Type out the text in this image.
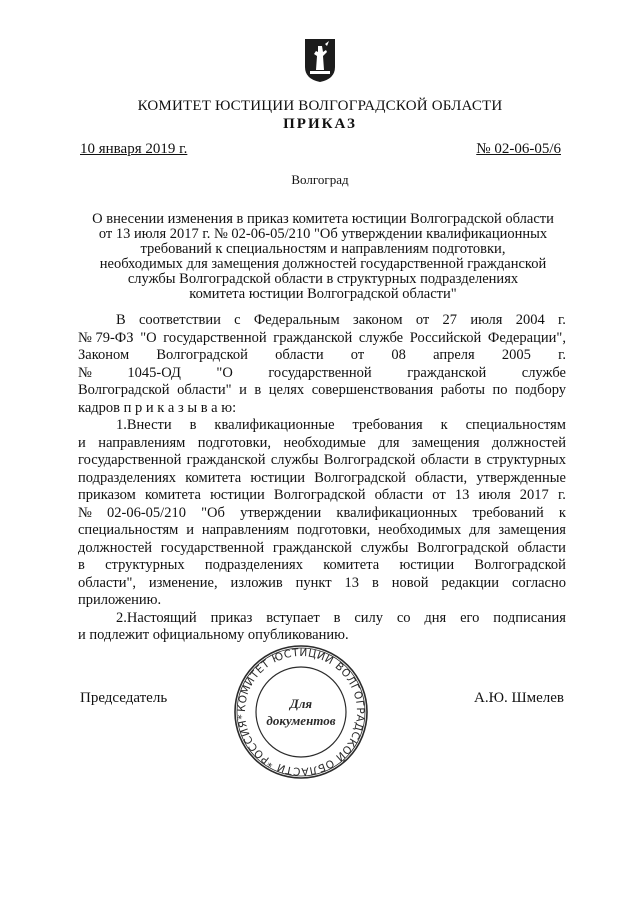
КОМИТЕТ ЮСТИЦИИ ВОЛГОГРАДСКОЙ ОБЛАСТИ
ПРИКАЗ
10 января 2019 г.	№ 02-06-05/6
Волгоград
О внесении изменения в приказ комитета юстиции Волгоградской области
от 13 июля 2017 г. № 02-06-05/210 "Об утверждении квалификационных
требований к специальностям и направлениям подготовки,
необходимых для замещения должностей государственной гражданской
службы Волгоградской области в структурных подразделениях
комитета юстиции Волгоградской области"
В соответствии с Федеральным законом от 27 июля 2004 г.
№ 79-ФЗ "О государственной гражданской службе Российской Федерации",
Законом Волгоградской области от 08 апреля 2005 г.
№ 1045-ОД "О государственной гражданской службе
Волгоградской области" и в целях совершенствования работы по подбору
кадров п р и к а з ы в а ю:
1.Внести в квалификационные требования к специальностям
и направлениям подготовки, необходимые для замещения должностей
государственной гражданской службы Волгоградской области в структурных
подразделениях комитета юстиции Волгоградской области, утвержденные
приказом комитета юстиции Волгоградской области от 13 июля 2017 г.
№ 02-06-05/210 "Об утверждении квалификационных требований к
специальностям и направлениям подготовки, необходимых для замещения
должностей государственной гражданской службы Волгоградской области
в структурных подразделениях комитета юстиции Волгоградской
области", изменение, изложив пункт 13 в новой редакции согласно
приложению.
2.Настоящий приказ вступает в силу со дня его подписания
и подлежит официальному опубликованию.
Председатель	А.Ю. Шмелев
КОМИТЕТ ЮСТИЦИИ ВОЛГОГРАДСКОЙ ОБЛАСТИ *РОССИЯ*
Для
документов
